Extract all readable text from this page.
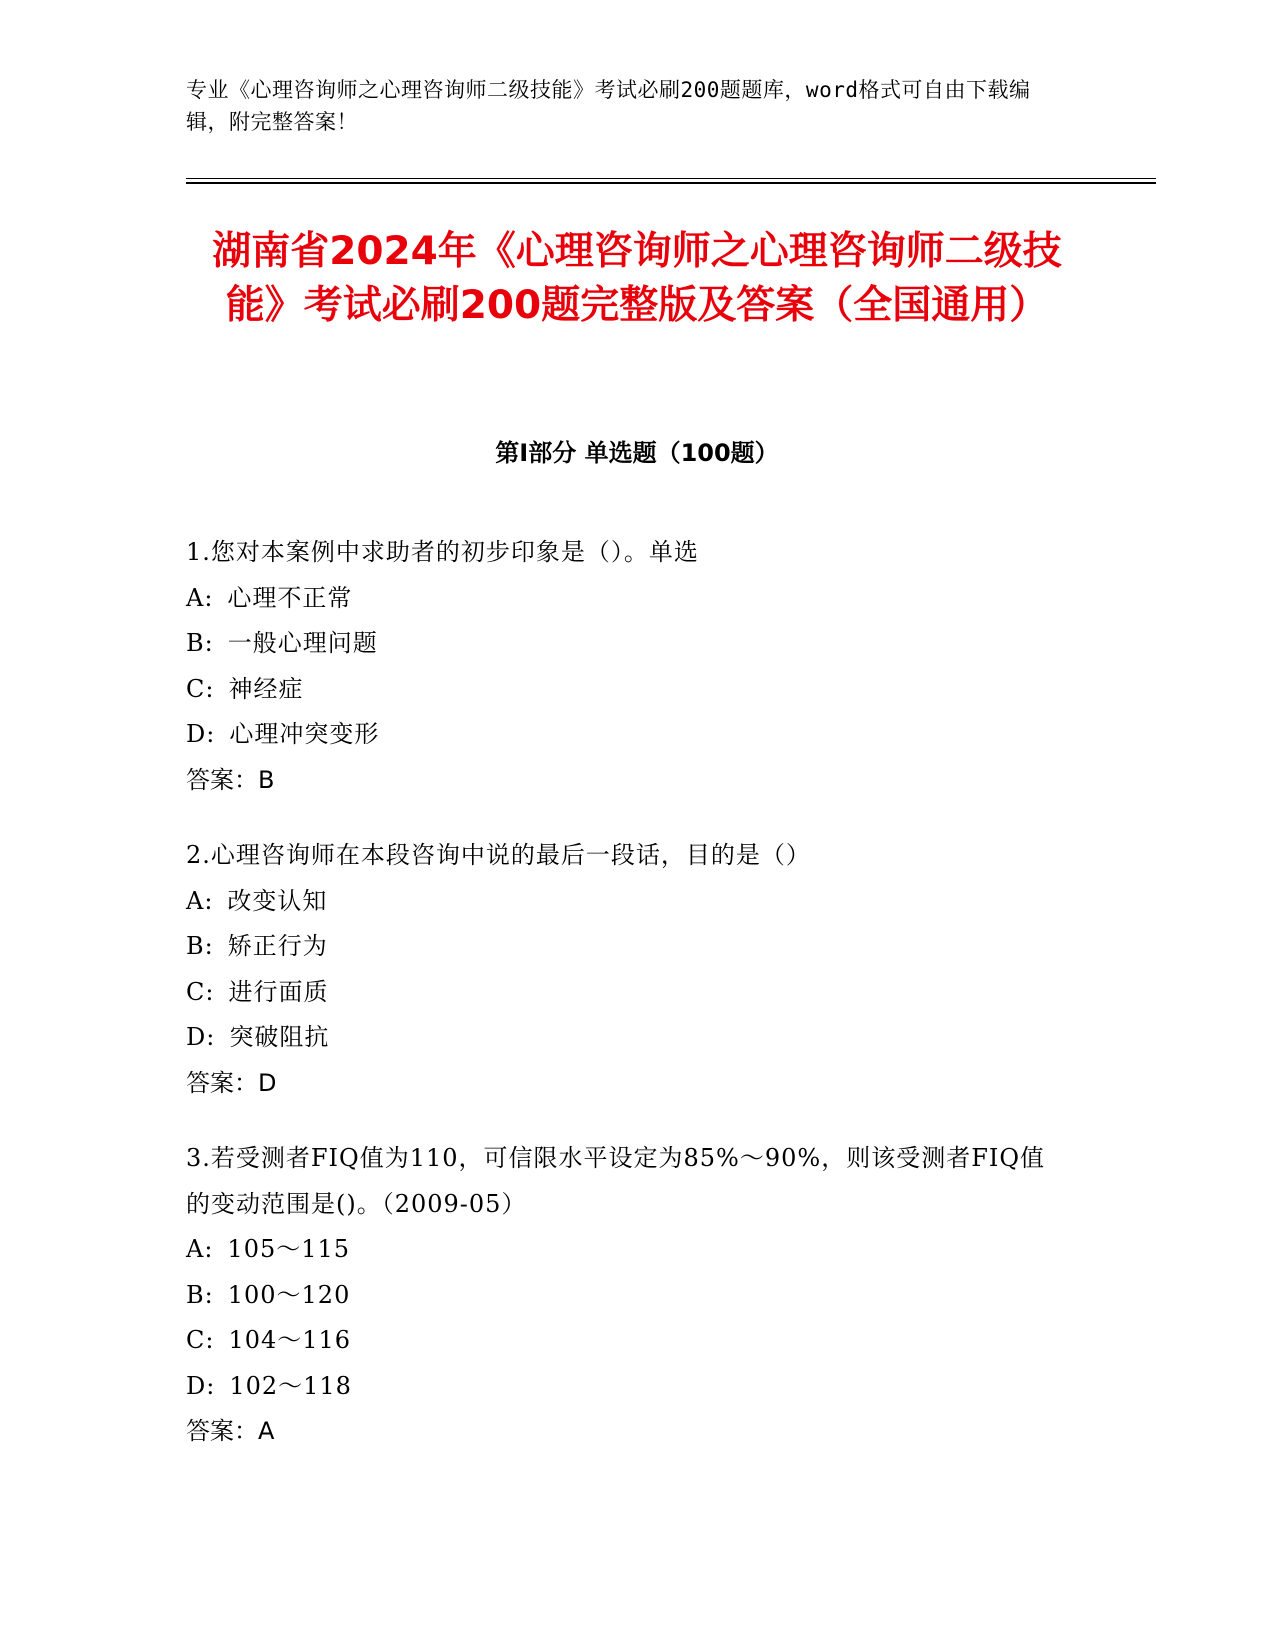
专业《心理咨询师之心理咨询师二级技能》考试必刷200题题库，word格式可自由下载编辑，附完整答案！
湖南省2024年《心理咨询师之心理咨询师二级技能》考试必刷200题完整版及答案（全国通用）
第I部分 单选题（100题）
1.您对本案例中求助者的初步印象是（）。单选
A: 心理不正常
B: 一般心理问题
C: 神经症
D: 心理冲突变形
答案：B
2.心理咨询师在本段咨询中说的最后一段话，目的是（）
A: 改变认知
B: 矫正行为
C: 进行面质
D: 突破阻抗
答案：D
3.若受测者FIQ值为110，可信限水平设定为85%～90%，则该受测者FIQ值的变动范围是()。（2009-05）
A: 105～115
B: 100～120
C: 104～116
D: 102～118
答案：A
